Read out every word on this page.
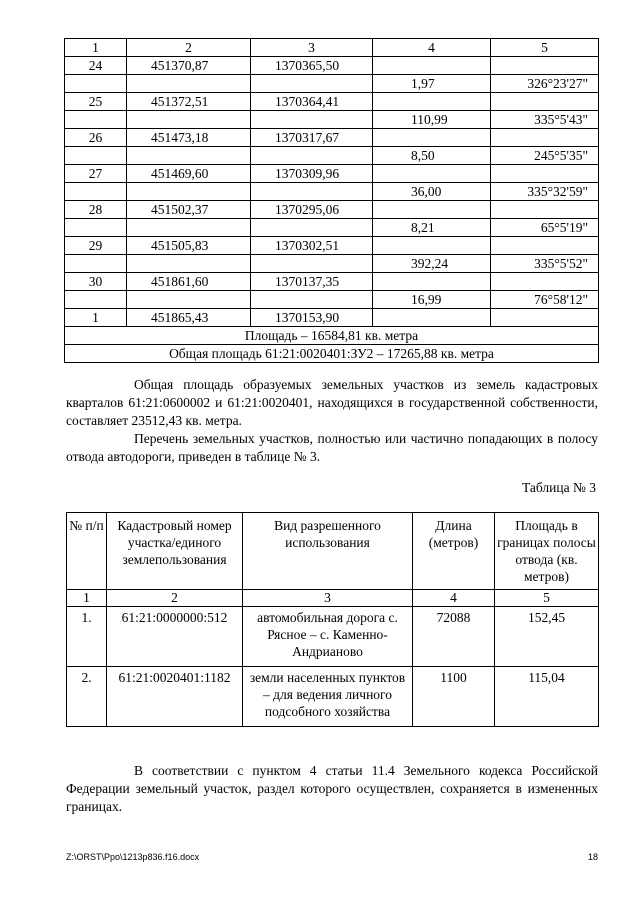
1	2	3	4	5
24	451370,87	1370365,50		
			1,97	326°23'27"
25	451372,51	1370364,41		
			110,99	335°5'43"
26	451473,18	1370317,67		
			8,50	245°5'35"
27	451469,60	1370309,96		
			36,00	335°32'59"
28	451502,37	1370295,06		
			8,21	65°5'19"
29	451505,83	1370302,51		
			392,24	335°5'52"
30	451861,60	1370137,35		
			16,99	76°58'12"
1	451865,43	1370153,90		
Площадь – 16584,81 кв. метра				
Общая площадь 61:21:0020401:ЗУ2 – 17265,88 кв. метра				
Общая площадь образуемых земельных участков из земель кадастровых кварталов 61:21:0600002 и 61:21:0020401, находящихся в государственной собственности, составляет 23512,43 кв. метра.
Перечень земельных участков, полностью или частично попадающих в полосу отвода автодороги, приведен в таблице № 3.
Таблица № 3
№ п/п	Кадастровый номер участка/единого землепользования	Вид разрешенного использования	Длина (метров)	Площадь в границах полосы отвода (кв. метров)
1	2	3	4	5
1.	61:21:0000000:512	автомобильная дорога с. Рясное – с. Каменно-Андрианово	72088	152,45
2.	61:21:0020401:1182	земли населенных пунктов – для ведения личного подсобного хозяйства	1100	115,04
В соответствии с пунктом 4 статьи 11.4 Земельного кодекса Российской Федерации земельный участок, раздел которого осуществлен, сохраняется в измененных границах.
Z:\ORST\Ppo\1213p836.f16.docx	18
